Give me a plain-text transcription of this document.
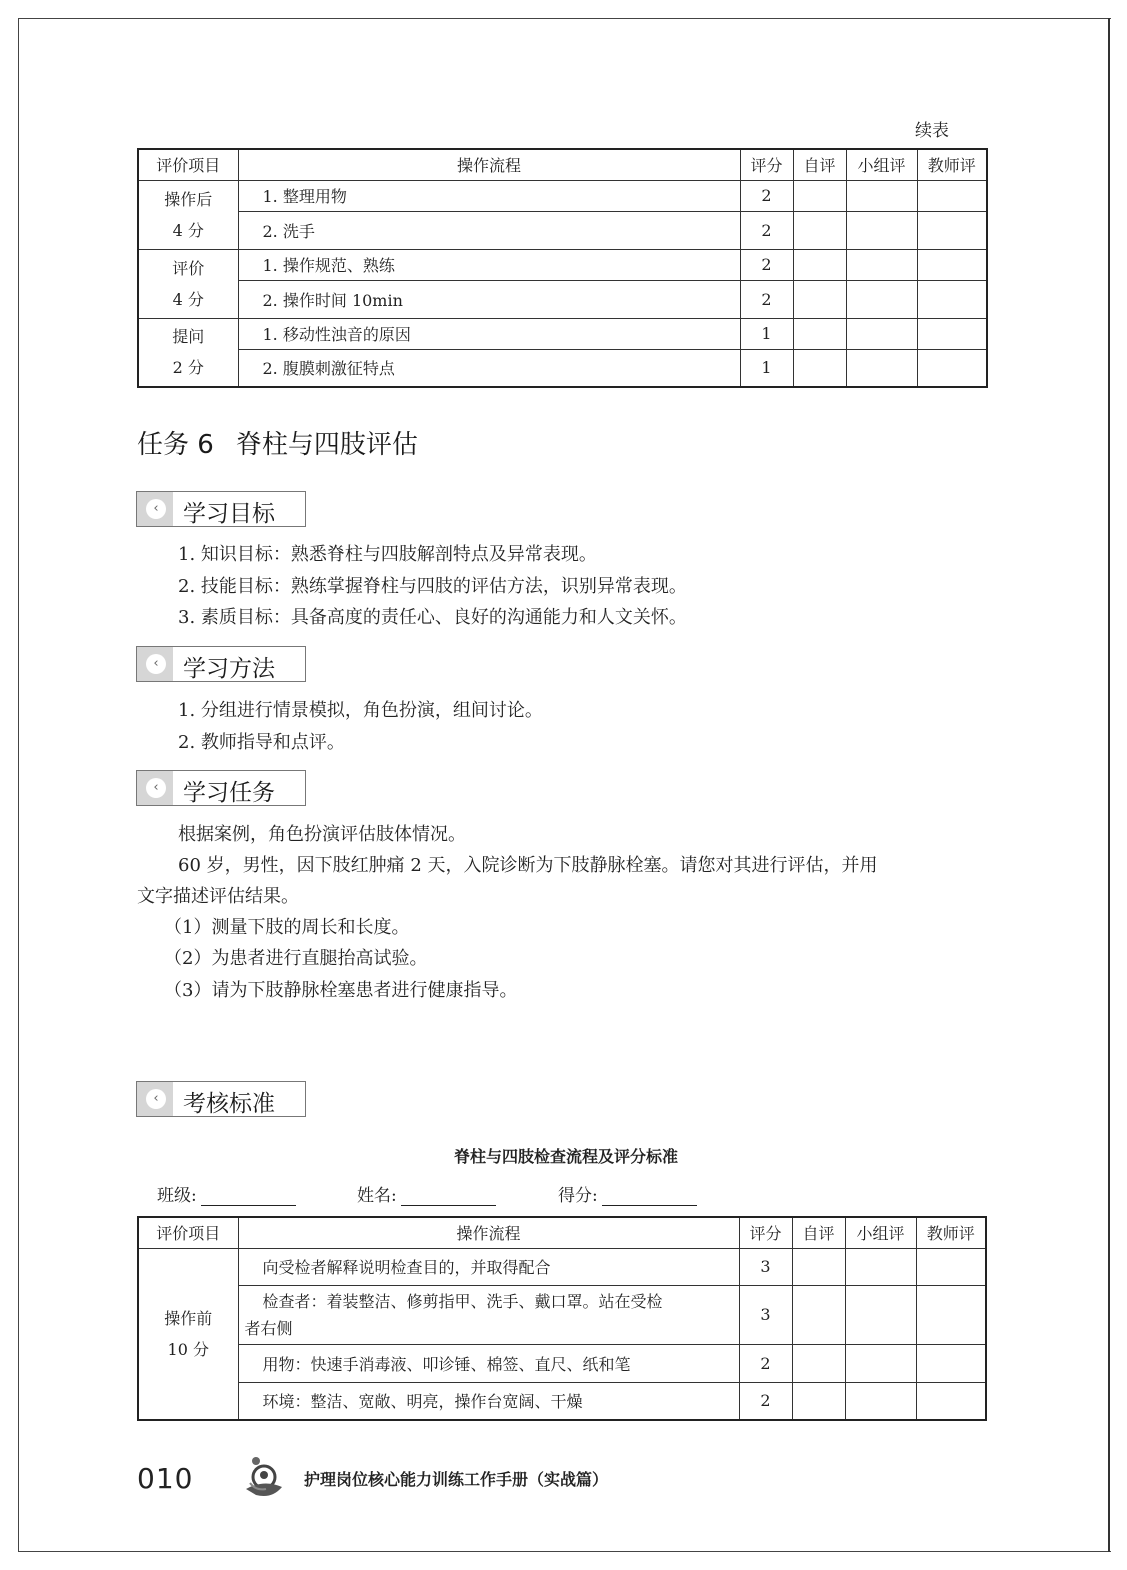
续表
评价项目	操作流程	评分	自评	小组评	教师评

操作后
4 分	1. 整理用物	2			
	2. 洗手	2			

评价
4 分	1. 操作规范、熟练	2			
	2. 操作时间 10min	2			

提问
2 分	1. 移动性浊音的原因	1			
	2. 腹膜刺激征特点	1			
任务 6 脊柱与四肢评估
‹	学习目标
1. 知识目标：熟悉脊柱与四肢解剖特点及异常表现。
2. 技能目标：熟练掌握脊柱与四肢的评估方法，识别异常表现。
3. 素质目标：具备高度的责任心、良好的沟通能力和人文关怀。
‹	学习方法
1. 分组进行情景模拟，角色扮演，组间讨论。
2. 教师指导和点评。
‹	学习任务
根据案例，角色扮演评估肢体情况。
60 岁，男性，因下肢红肿痛 2 天，入院诊断为下肢静脉栓塞。请您对其进行评估，并用
文字描述评估结果。
（1）测量下肢的周长和长度。
（2）为患者进行直腿抬高试验。
（3）请为下肢静脉栓塞患者进行健康指导。
‹	考核标准
脊柱与四肢检查流程及评分标准
班级:	姓名:	得分:
评价项目	操作流程	评分	自评	小组评	教师评

操作前
10 分	向受检者解释说明检查目的，并取得配合	3			

	检查者：着装整洁、修剪指甲、洗手、戴口罩。站在受检
者右侧	3			
	用物：快速手消毒液、叩诊锤、棉签、直尺、纸和笔	2			
	环境：整洁、宽敞、明亮，操作台宽阔、干燥	2			
010	护理岗位核心能力训练工作手册（实战篇）
